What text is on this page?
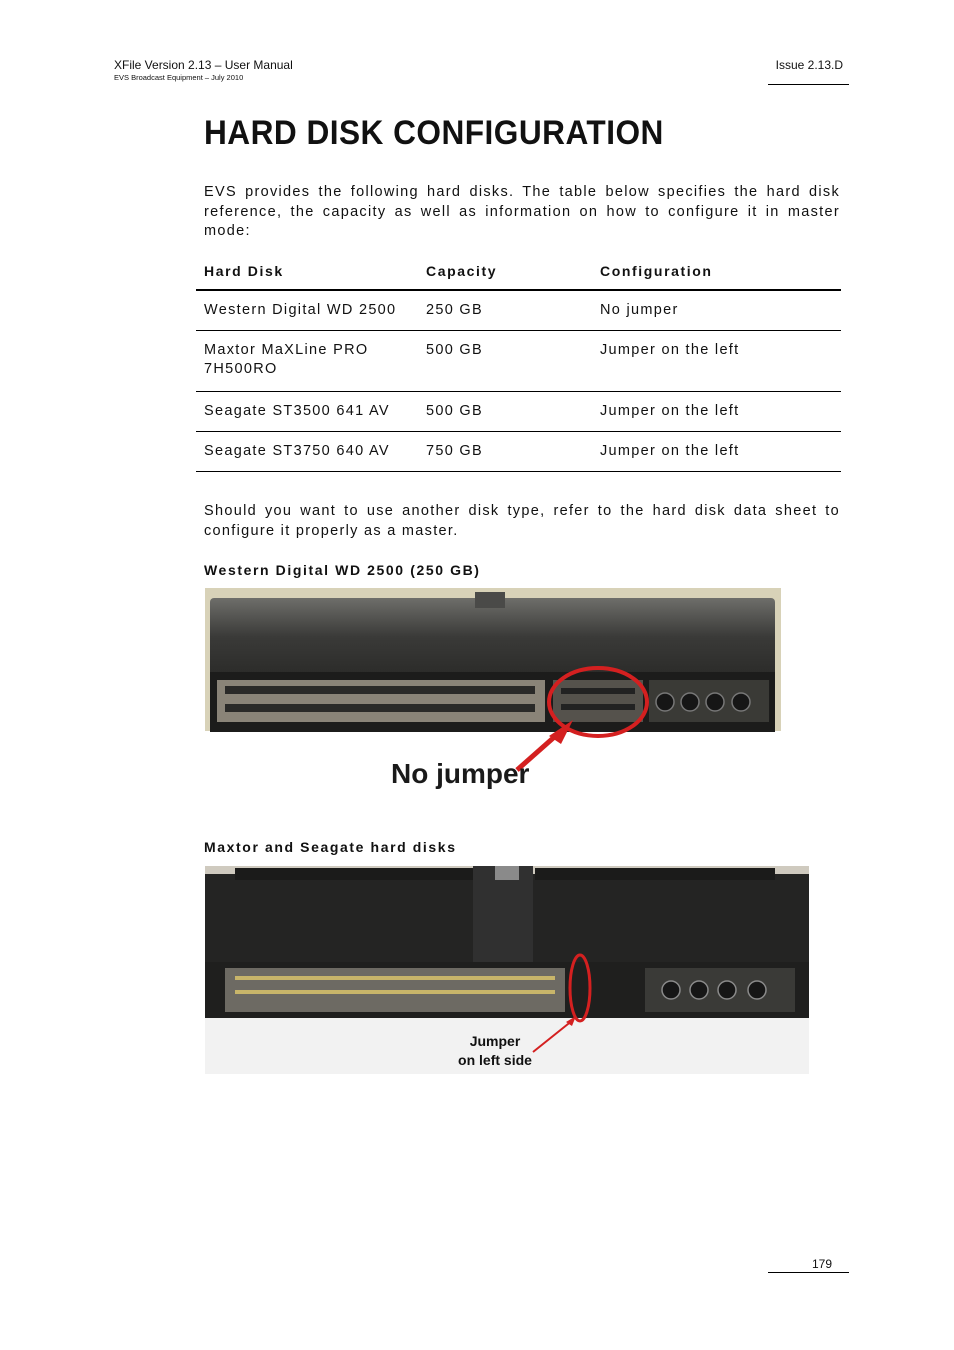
XFile Version 2.13 – User Manual
EVS Broadcast Equipment – July 2010
Issue 2.13.D
HARD DISK CONFIGURATION
EVS provides the following hard disks. The table below specifies the hard disk reference, the capacity as well as information on how to configure it in master mode:
Hard Disk	Capacity	Configuration
Western Digital WD 2500	250 GB	No jumper
Maxtor MaXLine PRO 7H500RO	500 GB	Jumper on the left
Seagate ST3500 641 AV	500 GB	Jumper on the left
Seagate ST3750 640 AV	750 GB	Jumper on the left
Should you want to use another disk type, refer to the hard disk data sheet to configure it properly as a master.
Western Digital WD 2500 (250 GB)
No jumper
Maxtor and Seagate hard disks
Jumper
on left side
179
